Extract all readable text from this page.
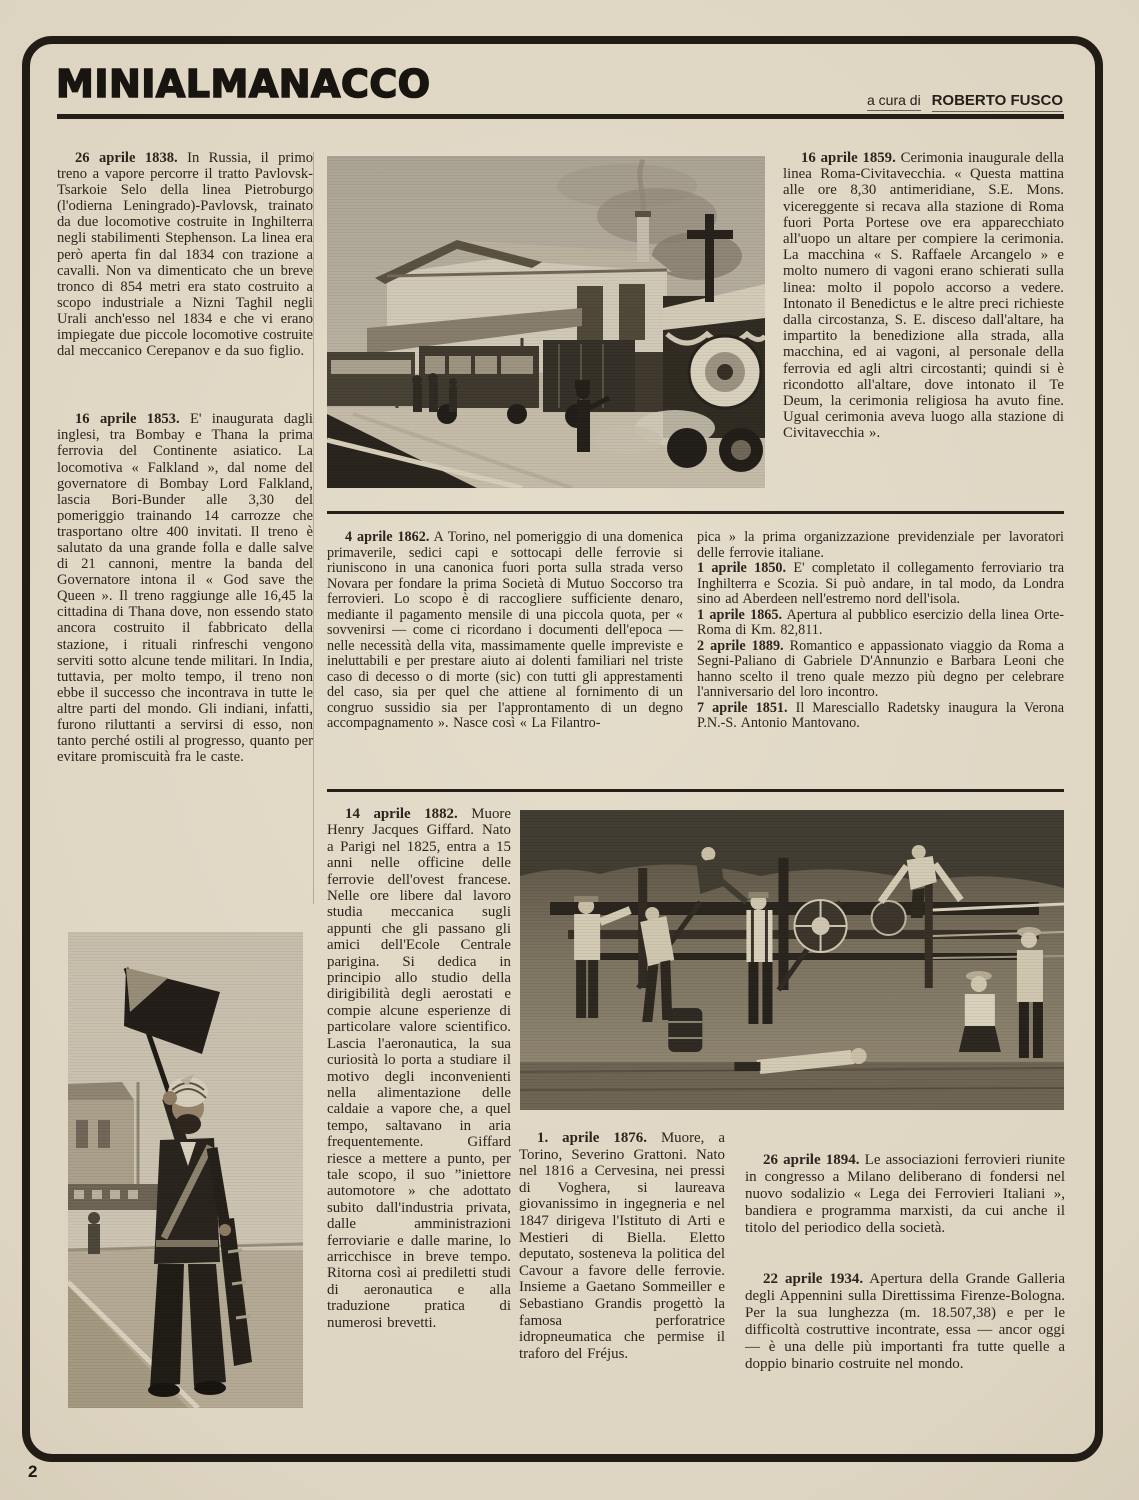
MINIALMANACCO	a cura di ROBERTO FUSCO

26 aprile 1838. In Russia, il primo treno a vapore percorre il tratto Pavlovsk-Tsarkoie Selo della linea Pietroburgo (l'odierna Leningrado)-Pavlovsk, trainato da due locomotive costruite in Inghilterra negli stabilimenti Stephenson. La linea era però aperta fin dal 1834 con trazione a cavalli. Non va dimenticato che un breve tronco di 854 metri era stato costruito a scopo industriale a Nizni Taghil negli Urali anch'esso nel 1834 e che vi erano impiegate due piccole locomotive costruite dal meccanico Cerepanov e da suo figlio.

16 aprile 1853. E' inaugurata dagli inglesi, tra Bombay e Thana la prima ferrovia del Continente asiatico. La locomotiva « Falkland », dal nome del governatore di Bombay Lord Falkland, lascia Bori-Bunder alle 3,30 del pomeriggio trainando 14 carrozze che trasportano oltre 400 invitati. Il treno è salutato da una grande folla e dalle salve di 21 cannoni, mentre la banda del Governatore intona il « God save the Queen ». Il treno raggiunge alle 16,45 la cittadina di Thana dove, non essendo stato ancora costruito il fabbricato della stazione, i rituali rinfreschi vengono serviti sotto alcune tende militari. In India, tuttavia, per molto tempo, il treno non ebbe il successo che incontrava in tutte le altre parti del mondo. Gli indiani, infatti, furono riluttanti a servirsi di esso, non tanto perché ostili al progresso, quanto per evitare promiscuità fra le caste.

16 aprile 1859. Cerimonia inaugurale della linea Roma-Civitavecchia. « Questa mattina alle ore 8,30 antimeridiane, S.E. Mons. vicereggente si recava alla stazione di Roma fuori Porta Portese ove era apparecchiato all'uopo un altare per compiere la cerimonia. La macchina « S. Raffaele Arcangelo » e molto numero di vagoni erano schierati sulla linea: molto il popolo accorso a vedere. Intonato il Benedictus e le altre preci richieste dalla circostanza, S. E. disceso dall'altare, ha impartito la benedizione alla strada, alla macchina, ed ai vagoni, al personale della ferrovia ed agli altri circostanti; quindi si è ricondotto all'altare, dove intonato il Te Deum, la cerimonia religiosa ha avuto fine. Ugual cerimonia aveva luogo alla stazione di Civitavecchia ».

4 aprile 1862. A Torino, nel pomeriggio di una domenica primaverile, sedici capi e sottocapi delle ferrovie si riuniscono in una canonica fuori porta sulla strada verso Novara per fondare la prima Società di Mutuo Soccorso tra ferrovieri. Lo scopo è di raccogliere sufficiente denaro, mediante il pagamento mensile di una piccola quota, per « sovvenirsi — come ci ricordano i documenti dell'epoca — nelle necessità della vita, massimamente quelle impreviste e ineluttabili e per prestare aiuto ai dolenti familiari nel triste caso di decesso o di morte (sic) con tutti gli apprestamenti del caso, sia per quel che attiene al fornimento di un congruo sussidio sia per l'approntamento di un degno accompagnamento ». Nasce così « La Filantro-

pica » la prima organizzazione previdenziale per lavoratori delle ferrovie italiane.

1 aprile 1850. E' completato il collegamento ferroviario tra Inghilterra e Scozia. Si può andare, in tal modo, da Londra sino ad Aberdeen nell'estremo nord dell'isola.

1 aprile 1865. Apertura al pubblico esercizio della linea Orte-Roma di Km. 82,811.

2 aprile 1889. Romantico e appassionato viaggio da Roma a Segni-Paliano di Gabriele D'Annunzio e Barbara Leoni che hanno scelto il treno quale mezzo più degno per celebrare l'anniversario del loro incontro.

7 aprile 1851. Il Maresciallo Radetsky inaugura la Verona P.N.-S. Antonio Mantovano.

14 aprile 1882. Muore Henry Jacques Giffard. Nato a Parigi nel 1825, entra a 15 anni nelle officine delle ferrovie dell'ovest francese. Nelle ore libere dal lavoro studia meccanica sugli appunti che gli passano gli amici dell'Ecole Centrale parigina. Si dedica in principio allo studio della dirigibilità degli aerostati e compie alcune esperienze di particolare valore scientifico. Lascia l'aeronautica, la sua curiosità lo porta a studiare il motivo degli inconvenienti nella alimentazione delle caldaie a vapore che, a quel tempo, saltavano in aria frequentemente. Giffard riesce a mettere a punto, per tale scopo, il suo ”iniettore automotore » che adottato subito dall'industria privata, dalle amministrazioni ferroviarie e dalle marine, lo arricchisce in breve tempo. Ritorna così ai prediletti studi di aeronautica e alla traduzione pratica di numerosi brevetti.

1. aprile 1876. Muore, a Torino, Severino Grattoni. Nato nel 1816 a Cervesina, nei pressi di Voghera, si laureava giovanissimo in ingegneria e nel 1847 dirigeva l'Istituto di Arti e Mestieri di Biella. Eletto deputato, sosteneva la politica del Cavour a favore delle ferrovie. Insieme a Gaetano Sommeiller e Sebastiano Grandis progettò la famosa perforatrice idropneumatica che permise il traforo del Fréjus.

26 aprile 1894. Le associazioni ferrovieri riunite in congresso a Milano deliberano di fondersi nel nuovo sodalizio « Lega dei Ferrovieri Italiani », bandiera e programma marxisti, da cui anche il titolo del periodico della società.

22 aprile 1934. Apertura della Grande Galleria degli Appennini sulla Direttissima Firenze-Bologna. Per la sua lunghezza (m. 18.507,38) e per le difficoltà costruttive incontrate, essa — ancor oggi — è una delle più importanti fra tutte quelle a doppio binario costruite nel mondo.

2
